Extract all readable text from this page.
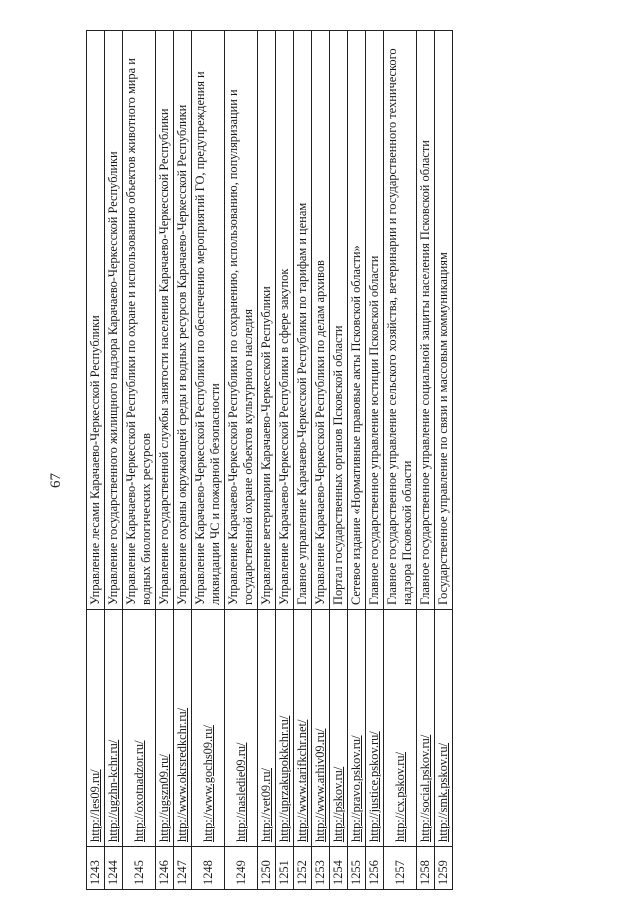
67
1243	http://les09.ru/	Управление лесами Карачаево-Черкесской Республики
1244	http://ugzhn-kchr.ru/	Управление государственного жилищного надзора Карачаево-Черкесской Республики
1245	http://oxotnadzor.ru/	Управление Карачаево-Черкесской Республики по охране и использованию объектов животного мира и водных биологических ресурсов
1246	http://ugszn09.ru/	Управление государственной службы занятости населения Карачаево-Черкесской Республики
1247	http://www.okrsredkchr.ru/	Управление охраны окружающей среды и водных ресурсов Карачаево-Черкесской Республики
1248	http://www.gochs09.ru/	Управление Карачаево-Черкесской Республики по обеспечению мероприятий ГО, предупреждения и ликвидации ЧС и пожарной безопасности
1249	http://nasledie09.ru/	Управление Карачаево-Черкесской Республики по сохранению, использованию, популяризации и государственной охране объектов культурного наследия
1250	http://vet09.ru/	Управление ветеринарии Карачаево-Черкесской Республики
1251	http://uprzakupokkchr.ru/	Управление Карачаево-Черкесской Республики в сфере закупок
1252	http://www.tarifkchr.net/	Главное управление Карачаево-Черкесской Республики по тарифам и ценам
1253	http://www.arhiv09.ru/	Управление Карачаево-Черкесской Республики по делам архивов
1254	http://pskov.ru/	Портал государственных органов Псковской области
1255	http://pravo.pskov.ru/	Сетевое издание «Нормативные правовые акты Псковской области»
1256	http://justice.pskov.ru/	Главное государственное управление юстиции Псковской области
1257	http://cx.pskov.ru/	Главное государственное управление сельского хозяйства, ветеринарии и государственного технического надзора Псковской области
1258	http://social.pskov.ru/	Главное государственное управление социальной защиты населения Псковской области
1259	http://smk.pskov.ru/	Государственное управление по связи и массовым коммуникациям
